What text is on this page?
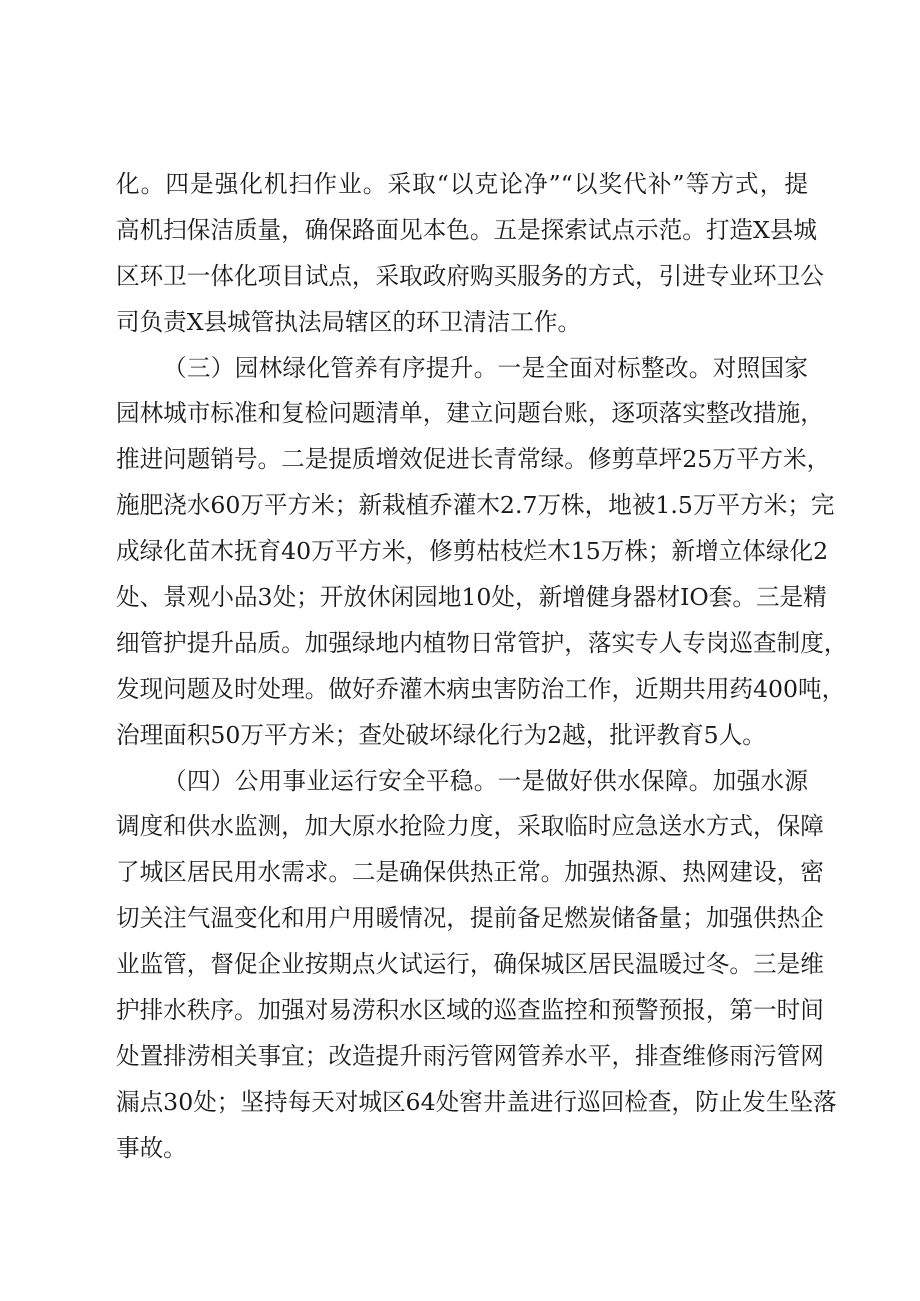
化。四是强化机扫作业。采取“以克论净”“以奖代补”等方式，提
高机扫保洁质量，确保路面见本色。五是探索试点示范。打造X县城
区环卫一体化项目试点，采取政府购买服务的方式，引进专业环卫公
司负责X县城管执法局辖区的环卫清洁工作。
（三）园林绿化管养有序提升。一是全面对标整改。对照国家
园林城市标准和复检问题清单，建立问题台账，逐项落实整改措施，
推进问题销号。二是提质增效促进长青常绿。修剪草坪25万平方米，
施肥浇水60万平方米；新栽植乔灌木2.7万株，地被1.5万平方米；完
成绿化苗木抚育40万平方米，修剪枯枝烂木15万株；新增立体绿化2
处、景观小品3处；开放休闲园地10处，新增健身器材IO套。三是精
细管护提升品质。加强绿地内植物日常管护，落实专人专岗巡查制度，
发现问题及时处理。做好乔灌木病虫害防治工作，近期共用药400吨，
治理面积50万平方米；查处破坏绿化行为2越，批评教育5人。
（四）公用事业运行安全平稳。一是做好供水保障。加强水源
调度和供水监测，加大原水抢险力度，采取临时应急送水方式，保障
了城区居民用水需求。二是确保供热正常。加强热源、热网建设，密
切关注气温变化和用户用暖情况，提前备足燃炭储备量；加强供热企
业监管，督促企业按期点火试运行，确保城区居民温暖过冬。三是维
护排水秩序。加强对易涝积水区域的巡查监控和预警预报，第一时间
处置排涝相关事宜；改造提升雨污管网管养水平，排查维修雨污管网
漏点30处；坚持每天对城区64处窖井盖进行巡回检查，防止发生坠落
事故。
